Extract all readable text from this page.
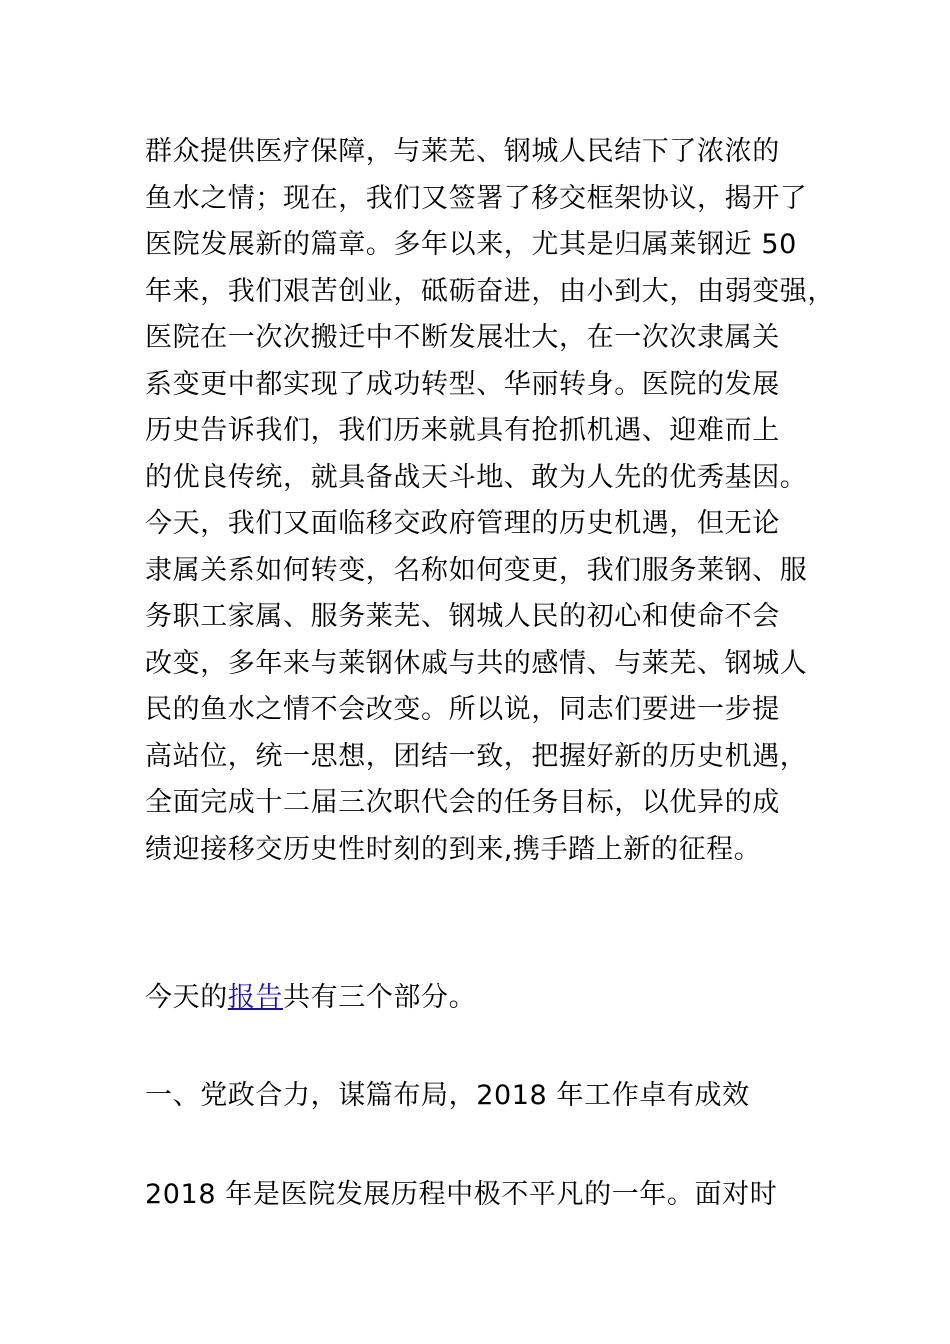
群众提供医疗保障，与莱芜、钢城人民结下了浓浓的
鱼水之情；现在，我们又签署了移交框架协议，揭开了
医院发展新的篇章。多年以来，尤其是归属莱钢近 50
年来，我们艰苦创业，砥砺奋进，由小到大，由弱变强，
医院在一次次搬迁中不断发展壮大，在一次次隶属关
系变更中都实现了成功转型、华丽转身。医院的发展
历史告诉我们，我们历来就具有抢抓机遇、迎难而上
的优良传统，就具备战天斗地、敢为人先的优秀基因。
今天，我们又面临移交政府管理的历史机遇，但无论
隶属关系如何转变，名称如何变更，我们服务莱钢、服
务职工家属、服务莱芜、钢城人民的初心和使命不会
改变，多年来与莱钢休戚与共的感情、与莱芜、钢城人
民的鱼水之情不会改变。所以说，同志们要进一步提
高站位，统一思想，团结一致，把握好新的历史机遇，
全面完成十二届三次职代会的任务目标，以优异的成
绩迎接移交历史性时刻的到来,携手踏上新的征程。
今天的报告共有三个部分。
一、党政合力，谋篇布局，2018 年工作卓有成效
2018 年是医院发展历程中极不平凡的一年。面对时
